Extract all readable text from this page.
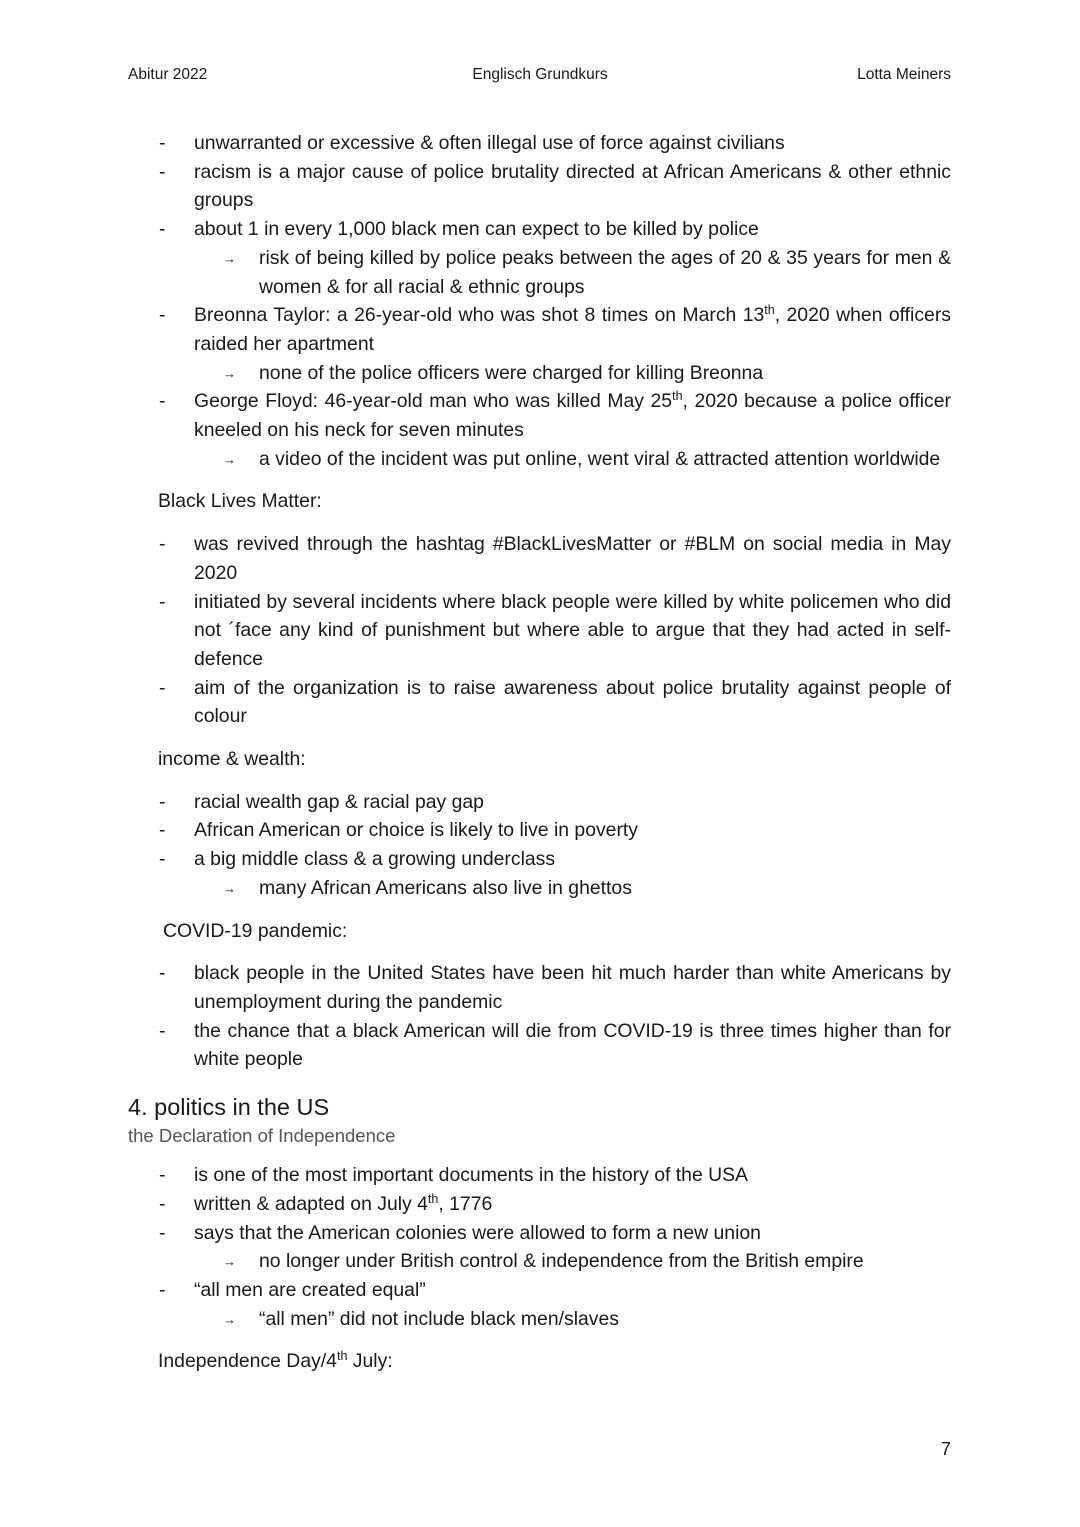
Abitur 2022	Englisch Grundkurs	Lotta Meiners
- unwarranted or excessive & often illegal use of force against civilians
- racism is a major cause of police brutality directed at African Americans & other ethnic groups
- about 1 in every 1,000 black men can expect to be killed by police
→ risk of being killed by police peaks between the ages of 20 & 35 years for men & women & for all racial & ethnic groups
- Breonna Taylor: a 26-year-old who was shot 8 times on March 13th, 2020 when officers raided her apartment
→ none of the police officers were charged for killing Breonna
- George Floyd: 46-year-old man who was killed May 25th, 2020 because a police officer kneeled on his neck for seven minutes
→ a video of the incident was put online, went viral & attracted attention worldwide
Black Lives Matter:
- was revived through the hashtag #BlackLivesMatter or #BLM on social media in May 2020
- initiated by several incidents where black people were killed by white policemen who did not ´face any kind of punishment but where able to argue that they had acted in self-defence
- aim of the organization is to raise awareness about police brutality against people of colour
income & wealth:
- racial wealth gap & racial pay gap
- African American or choice is likely to live in poverty
- a big middle class & a growing underclass
→ many African Americans also live in ghettos
COVID-19 pandemic:
- black people in the United States have been hit much harder than white Americans by unemployment during the pandemic
- the chance that a black American will die from COVID-19 is three times higher than for white people
4. politics in the US
the Declaration of Independence
- is one of the most important documents in the history of the USA
- written & adapted on July 4th, 1776
- says that the American colonies were allowed to form a new union
→ no longer under British control & independence from the British empire
- “all men are created equal”
→ “all men” did not include black men/slaves
Independence Day/4th July:
7
